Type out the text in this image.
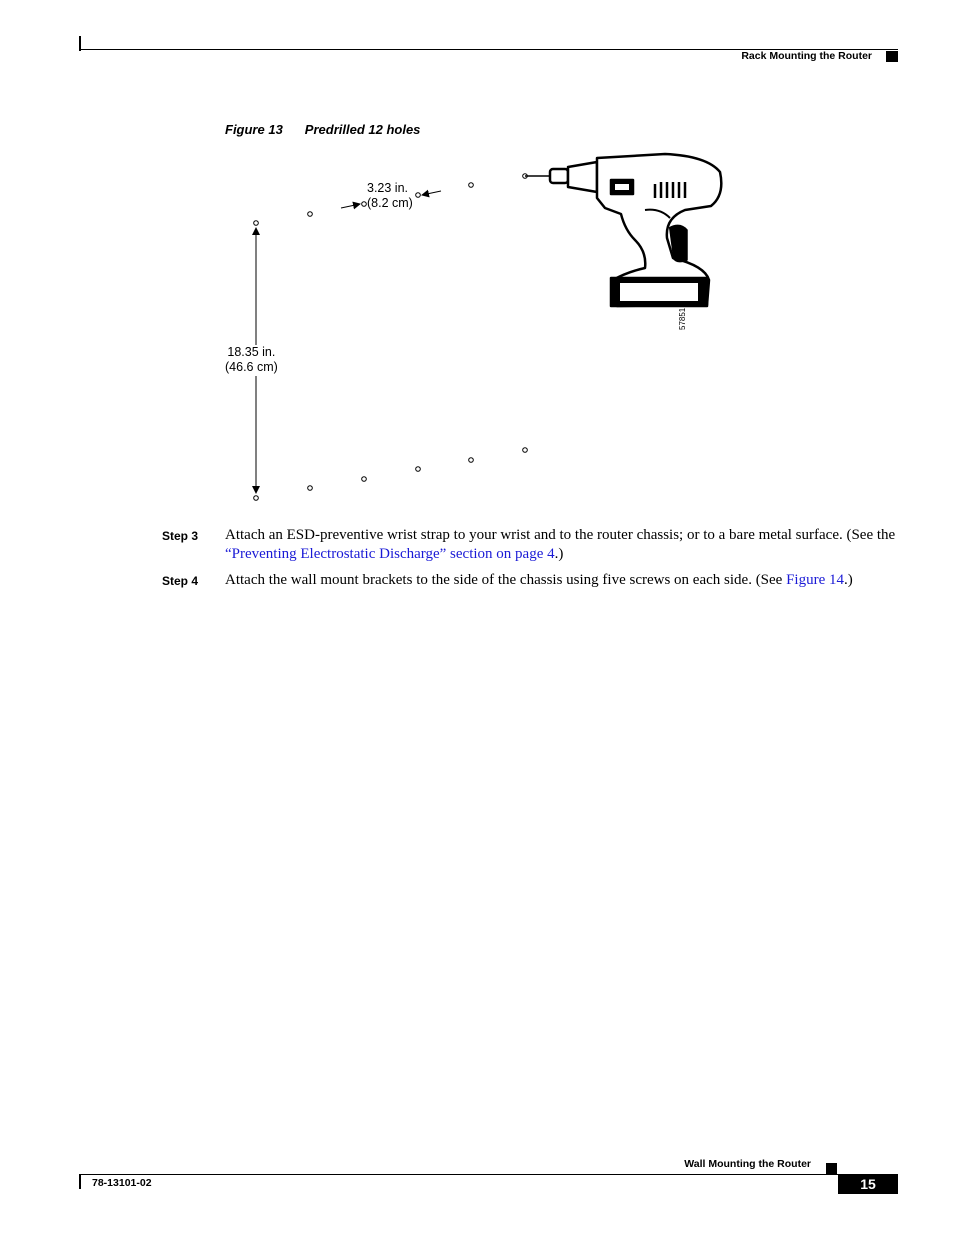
Rack Mounting the Router
Figure 13 Predrilled 12 holes
3.23 in.
(8.2 cm)
18.35 in.
(46.6 cm)
57851
Step 3 Attach an ESD-preventive wrist strap to your wrist and to the router chassis; or to a bare metal surface. (See the “Preventing Electrostatic Discharge” section on page 4.)
Step 4 Attach the wall mount brackets to the side of the chassis using five screws on each side. (See Figure 14.)
Wall Mounting the Router
78-13101-02	15
